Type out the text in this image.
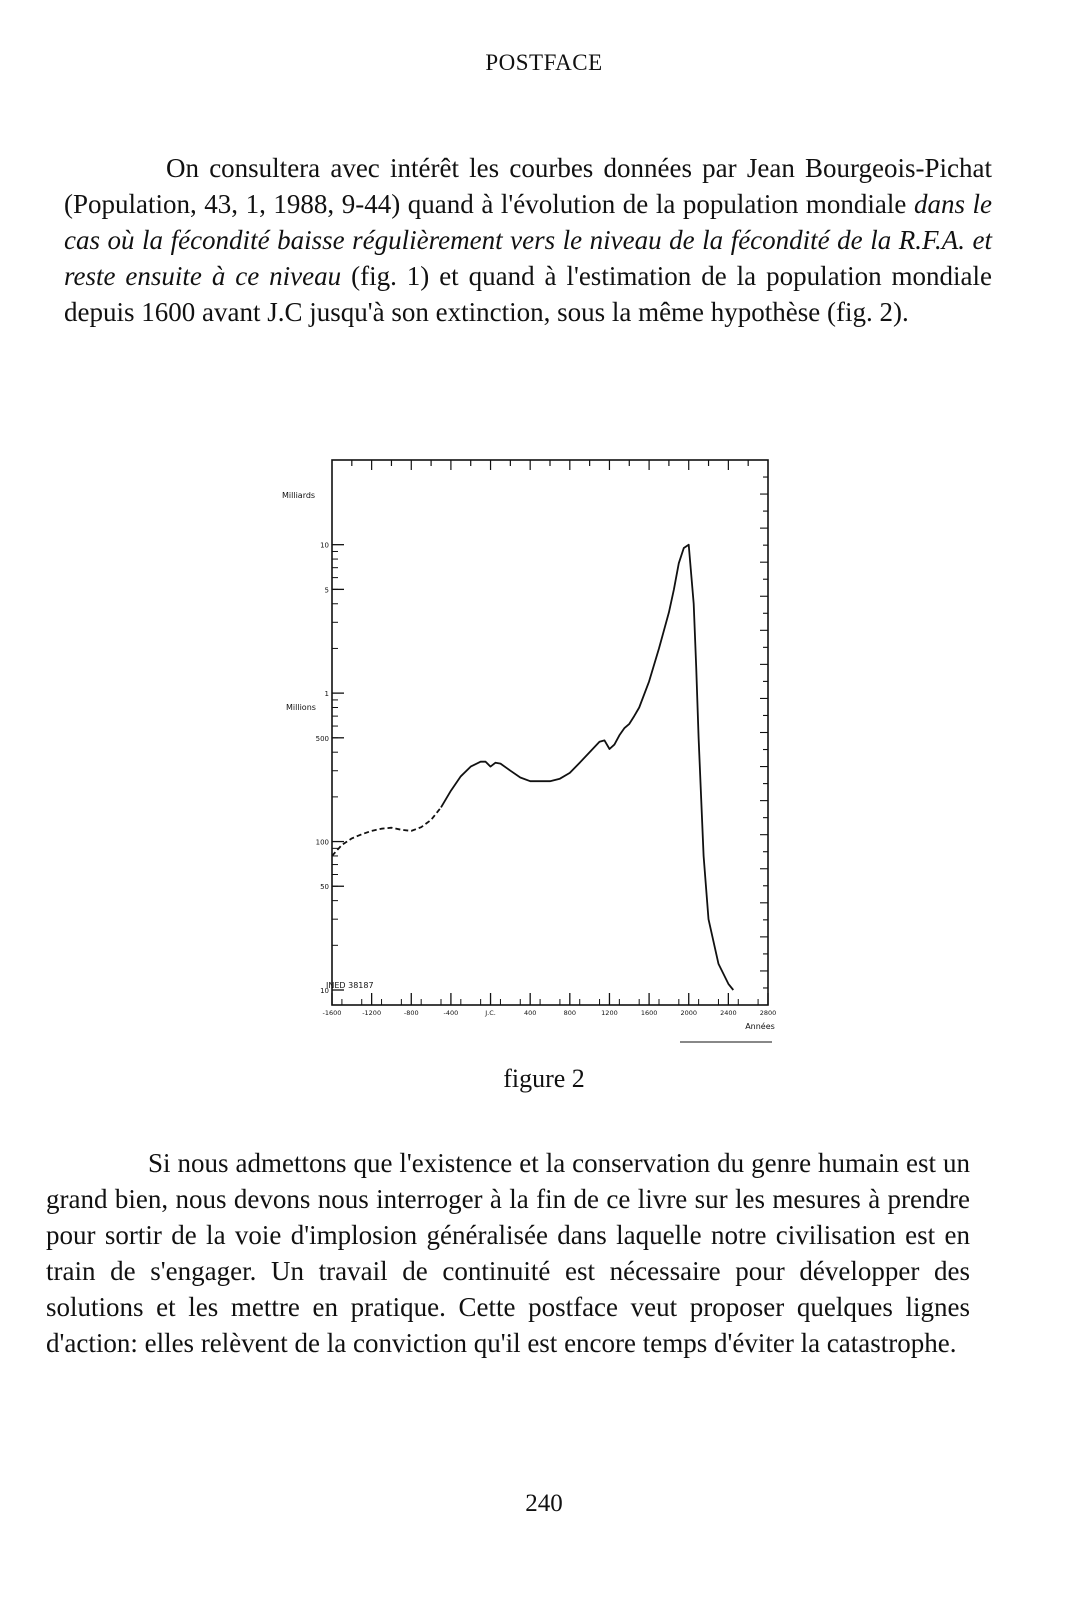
POSTFACE

On consultera avec intérêt les courbes données par Jean Bourgeois-Pichat (Population, 43, 1, 1988, 9-44) quand à l'évolution de la population mondiale dans le cas où la fécondité baisse régulièrement vers le niveau de la fécondité de la R.F.A. et reste ensuite à ce niveau (fig. 1) et quand à l'estimation de la population mondiale depuis 1600 avant J.C jusqu'à son extinction, sous la même hypothèse (fig. 2).

10
5
1
500
100
50
10
-1600	-1200	-800	-400	J.C.	400	800	1200	1600	2000	2400	2800
Milliards
Millions
INED 38187
Années
figure 2

Si nous admettons que l'existence et la conservation du genre humain est un grand bien, nous devons nous interroger à la fin de ce livre sur les mesures à prendre pour sortir de la voie d'implosion généralisée dans laquelle notre civilisation est en train de s'engager. Un travail de continuité est nécessaire pour développer des solutions et les mettre en pratique. Cette postface veut proposer quelques lignes d'action: elles relèvent de la conviction qu'il est encore temps d'éviter la catastrophe.

240
